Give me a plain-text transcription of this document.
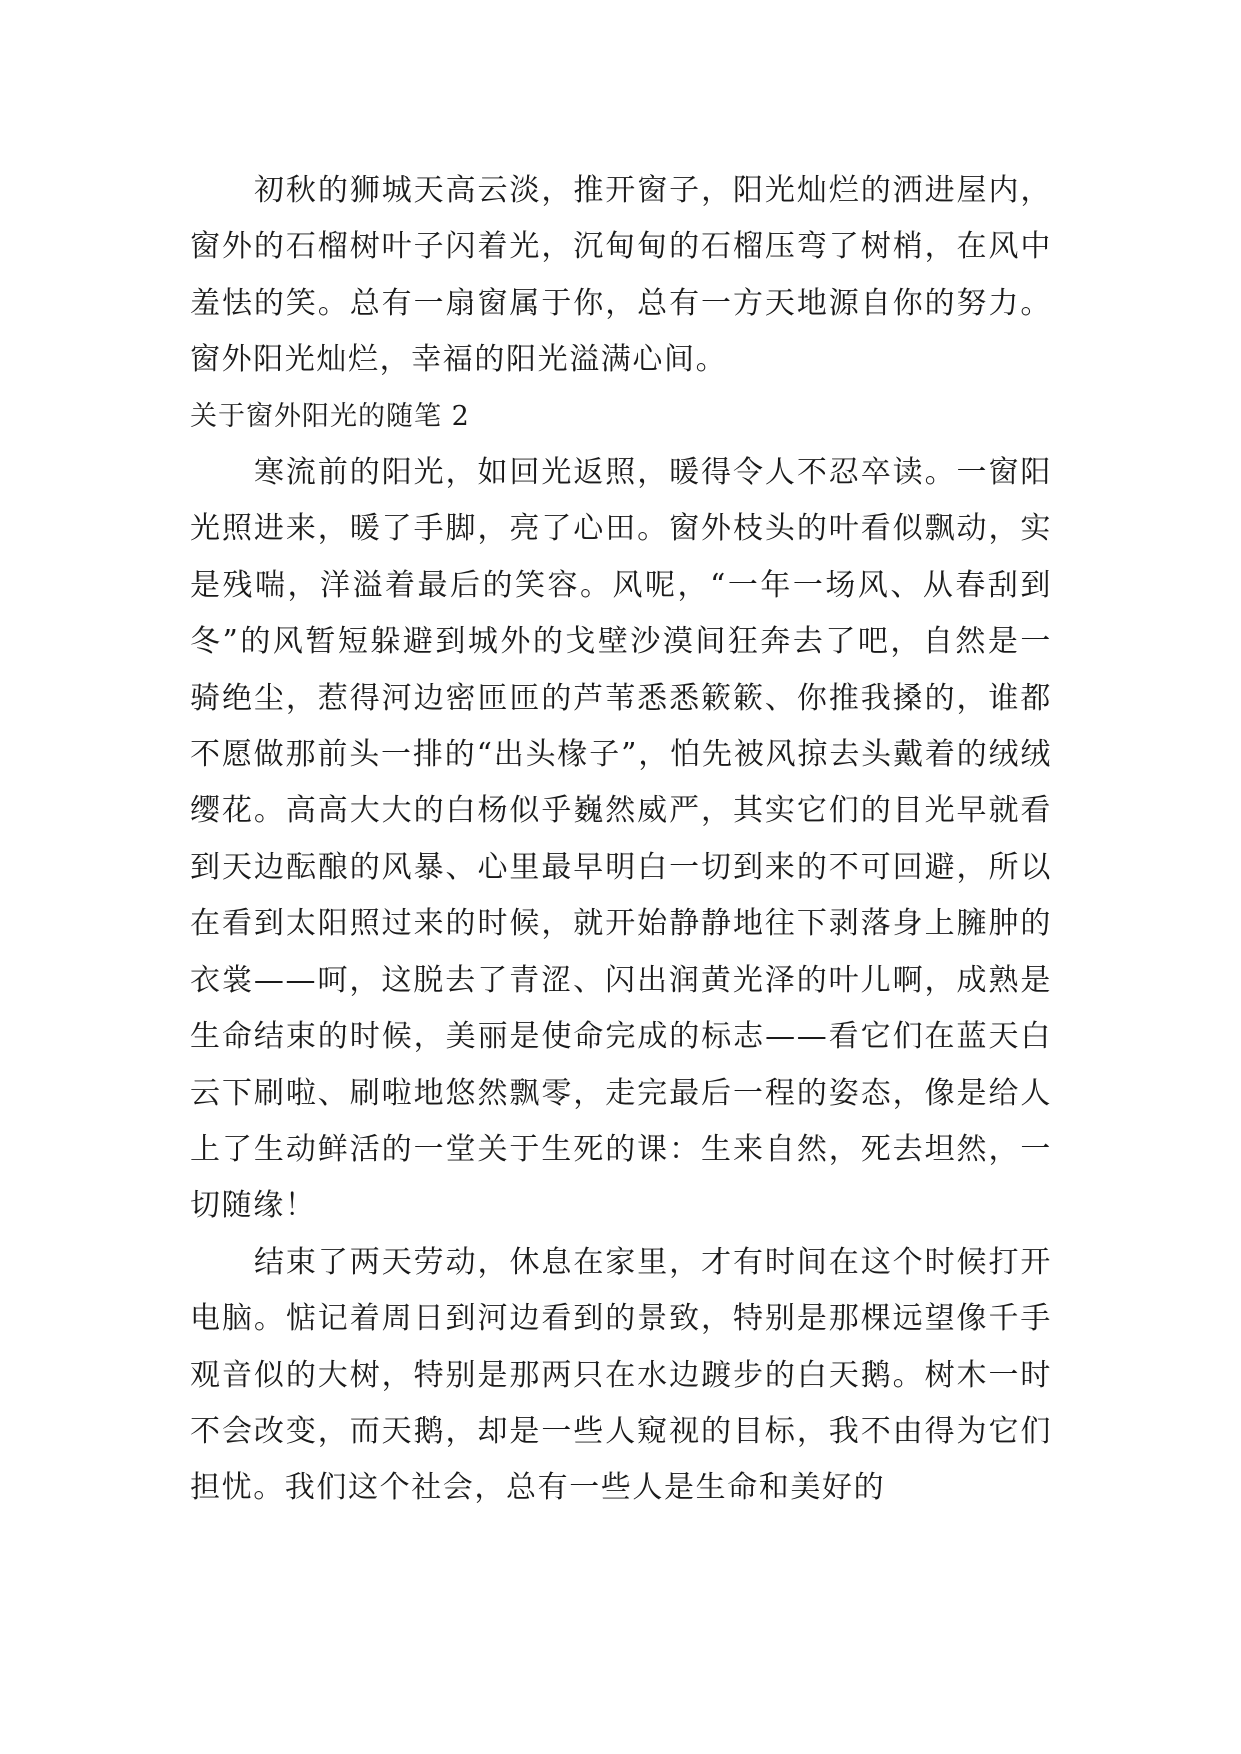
初秋的狮城天高云淡，推开窗子，阳光灿烂的洒进屋内，窗外的石榴树叶子闪着光，沉甸甸的石榴压弯了树梢，在风中羞怯的笑。总有一扇窗属于你，总有一方天地源自你的努力。窗外阳光灿烂，幸福的阳光溢满心间。

关于窗外阳光的随笔 2

寒流前的阳光，如回光返照，暖得令人不忍卒读。一窗阳光照进来，暖了手脚，亮了心田。窗外枝头的叶看似飘动，实是残喘，洋溢着最后的笑容。风呢，“一年一场风、从春刮到冬”的风暂短躲避到城外的戈壁沙漠间狂奔去了吧，自然是一骑绝尘，惹得河边密匝匝的芦苇悉悉簌簌、你推我搡的，谁都不愿做那前头一排的“出头椽子”，怕先被风掠去头戴着的绒绒缨花。高高大大的白杨似乎巍然威严，其实它们的目光早就看到天边酝酿的风暴、心里最早明白一切到来的不可回避，所以在看到太阳照过来的时候，就开始静静地往下剥落身上臃肿的衣裳——呵，这脱去了青涩、闪出润黄光泽的叶儿啊，成熟是生命结束的时候，美丽是使命完成的标志——看它们在蓝天白云下刷啦、刷啦地悠然飘零，走完最后一程的姿态，像是给人上了生动鲜活的一堂关于生死的课：生来自然，死去坦然，一切随缘！

结束了两天劳动，休息在家里，才有时间在这个时候打开电脑。惦记着周日到河边看到的景致，特别是那棵远望像千手观音似的大树，特别是那两只在水边踱步的白天鹅。树木一时不会改变，而天鹅，却是一些人窥视的目标，我不由得为它们担忧。我们这个社会，总有一些人是生命和美好的
